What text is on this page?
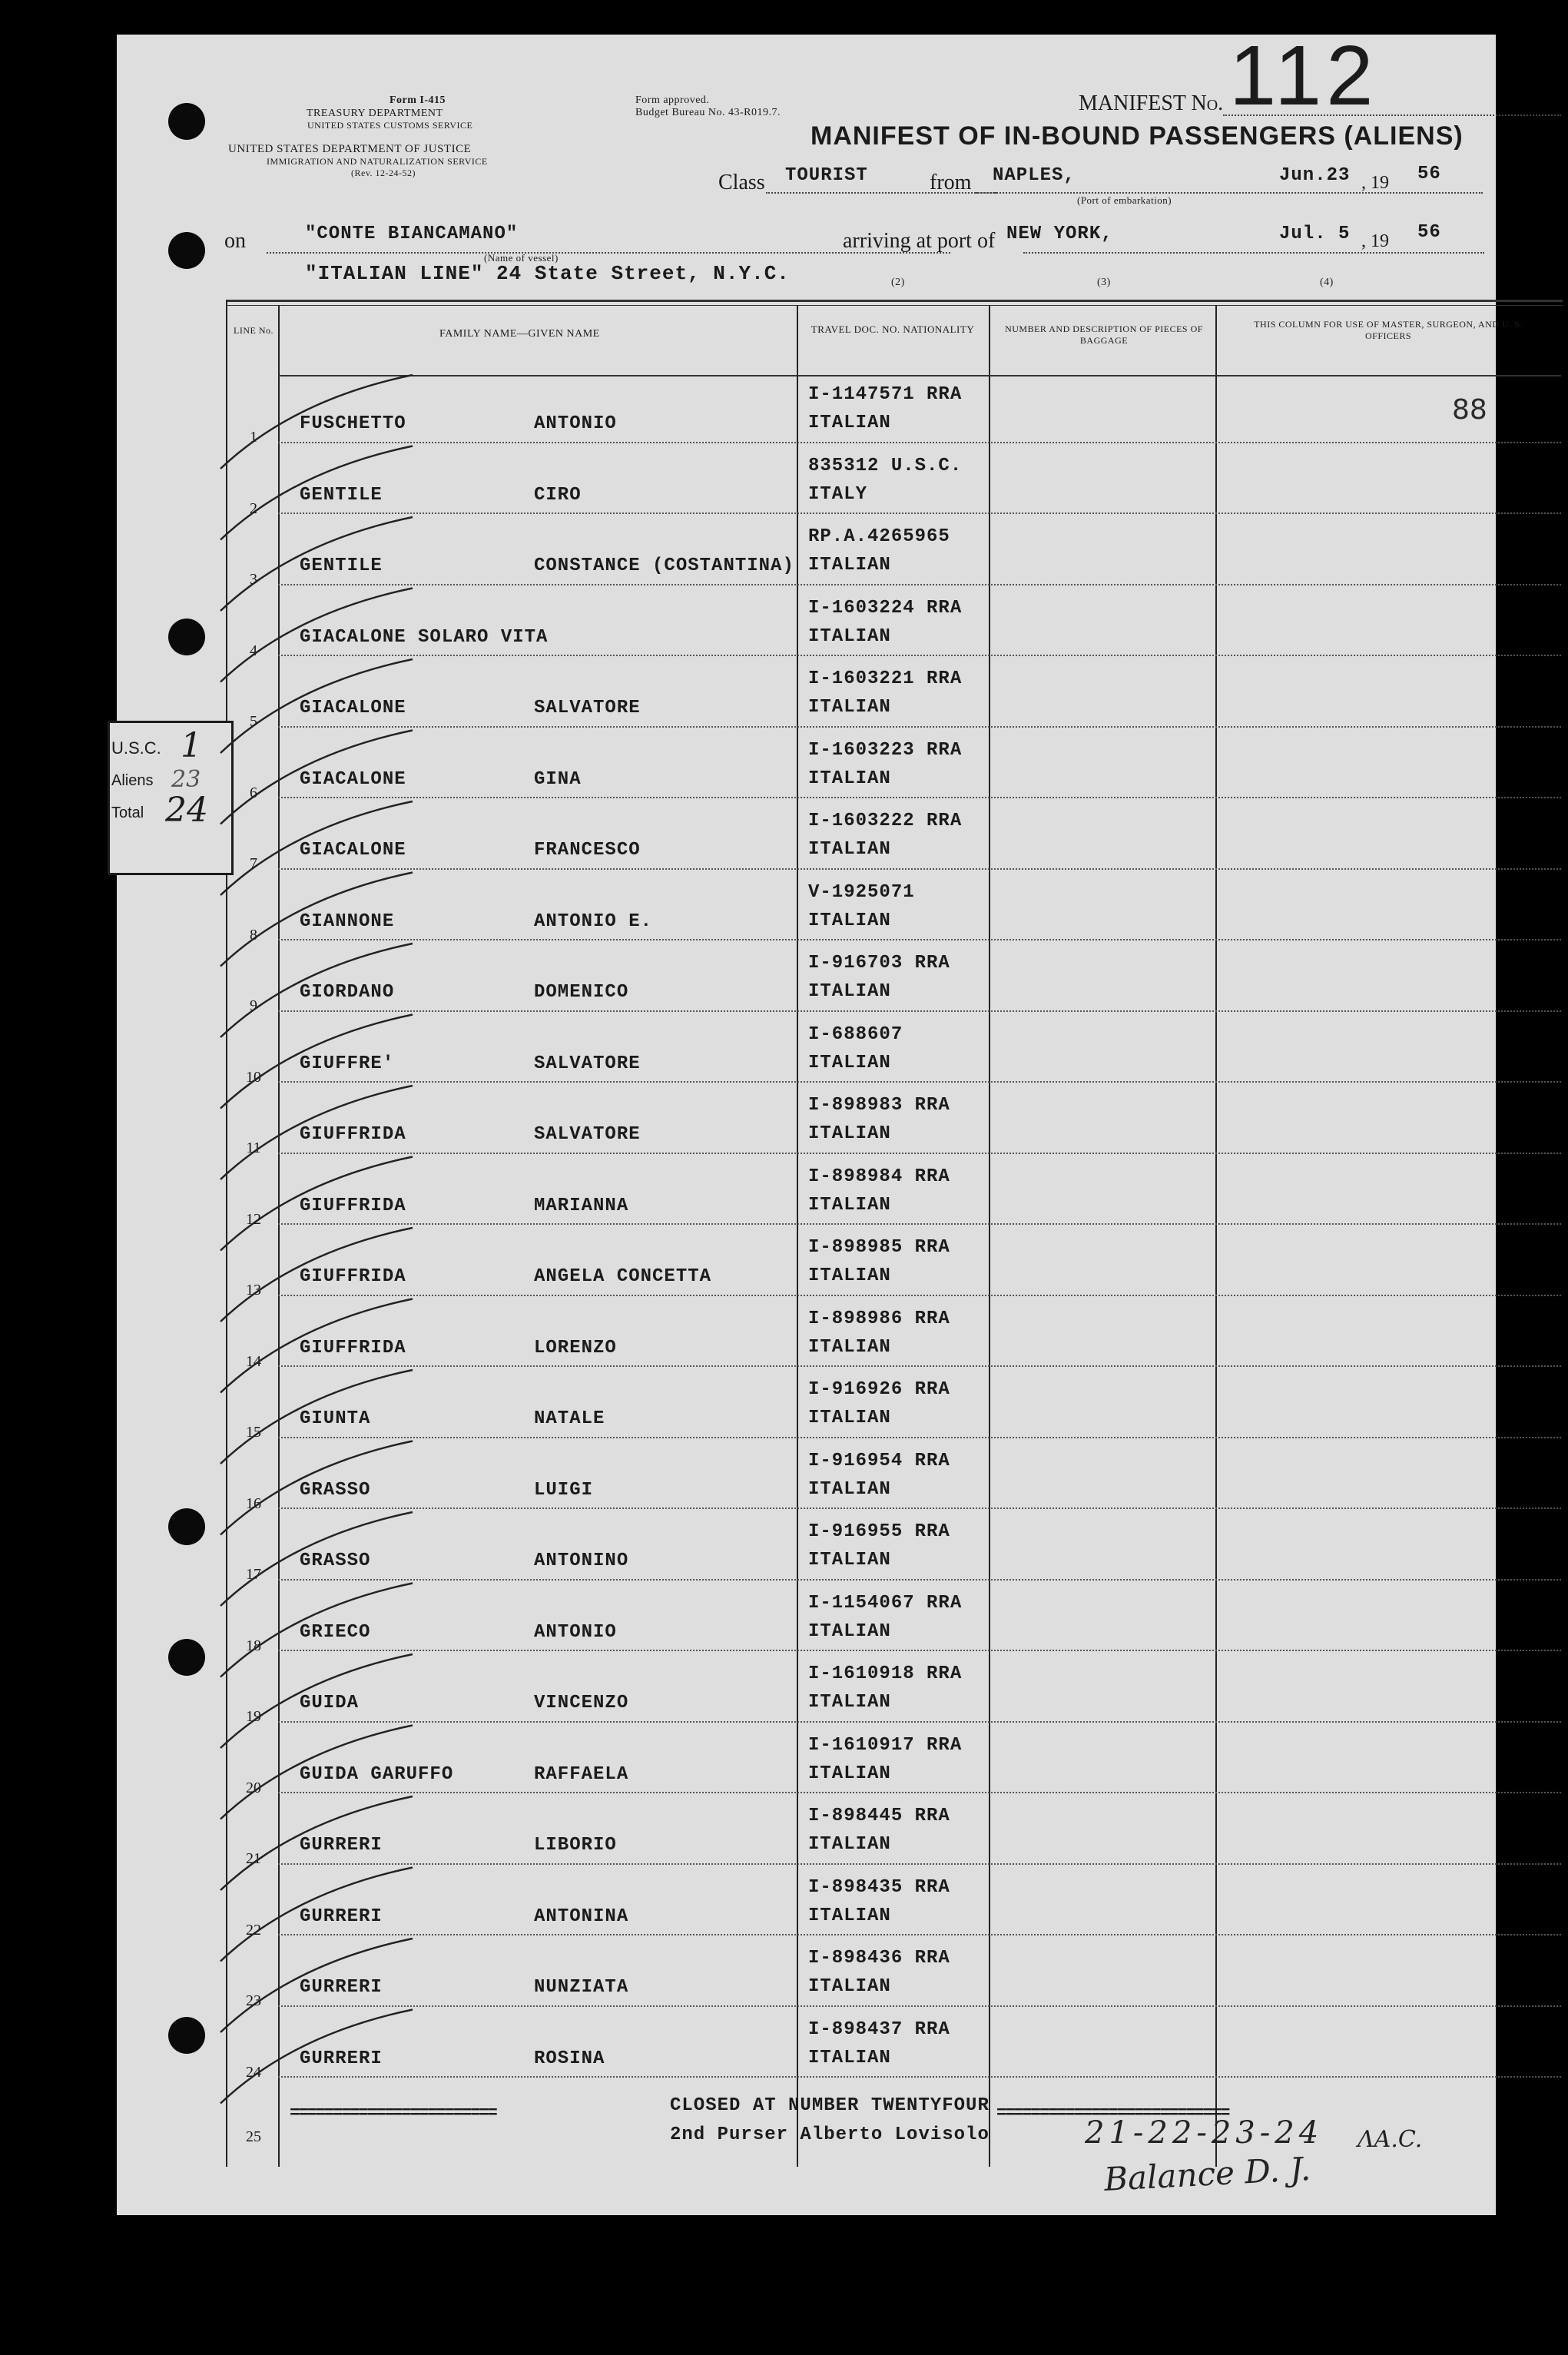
Form I-415
TREASURY DEPARTMENT
UNITED STATES CUSTOMS SERVICE
UNITED STATES DEPARTMENT OF JUSTICE
IMMIGRATION AND NATURALIZATION SERVICE
(Rev. 12-24-52)
Form approved.
Budget Bureau No. 43-R019.7.	MANIFEST No. 112
MANIFEST OF IN-BOUND PASSENGERS (ALIENS)
Class TOURIST	from NAPLES,	Jun.23 , 19 56
(Port of embarkation)
on	"CONTE BIANCAMANO"
(Name of vessel)
arriving at port of NEW YORK,	Jul. 5 , 19 56
"ITALIAN LINE" 24 State Street, N.Y.C.	(2)	(3)	(4)
LINE No.	FAMILY NAME—GIVEN NAME	TRAVEL DOC. NO. NATIONALITY	NUMBER AND DESCRIPTION OF PIECES OF BAGGAGE
THIS COLUMN FOR USE OF MASTER, SURGEON, AND U. S. OFFICERS
1
FUSCHETTO	ANTONIO
I-1147571 RRA
ITALIAN
2
GENTILE	CIRO
835312 U.S.C.
ITALY
3
GENTILE	CONSTANCE (COSTANTINA)
RP.A.4265965
ITALIAN
4
GIACALONE SOLARO VITA
I-1603224 RRA
ITALIAN
5
GIACALONE	SALVATORE
I-1603221 RRA
ITALIAN
6
GIACALONE	GINA
I-1603223 RRA
ITALIAN
7
GIACALONE	FRANCESCO
I-1603222 RRA
ITALIAN
8
GIANNONE	ANTONIO E.
V-1925071
ITALIAN
9
GIORDANO	DOMENICO
I-916703 RRA
ITALIAN
10
GIUFFRE'	SALVATORE
I-688607
ITALIAN
11
GIUFFRIDA	SALVATORE
I-898983 RRA
ITALIAN
12
GIUFFRIDA	MARIANNA
I-898984 RRA
ITALIAN
13
GIUFFRIDA	ANGELA CONCETTA
I-898985 RRA
ITALIAN
14
GIUFFRIDA	LORENZO
I-898986 RRA
ITALIAN
15
GIUNTA	NATALE
I-916926 RRA
ITALIAN
16
GRASSO	LUIGI
I-916954 RRA
ITALIAN
17
GRASSO	ANTONINO
I-916955 RRA
ITALIAN
18
GRIECO	ANTONIO
I-1154067 RRA
ITALIAN
19
GUIDA	VINCENZO
I-1610918 RRA
ITALIAN
20
GUIDA GARUFFO	RAFFAELA
I-1610917 RRA
ITALIAN
21
GURRERI	LIBORIO
I-898445 RRA
ITALIAN
22
GURRERI	ANTONINA
I-898435 RRA
ITALIAN
23
GURRERI	NUNZIATA
I-898436 RRA
ITALIAN
24
GURRERI	ROSINA
I-898437 RRA
ITALIAN
25
U.S.C. 1
Aliens 23
Total 24
88
========================	CLOSED AT NUMBER TWENTYFOUR ===========================
2nd Purser Alberto Lovisolo	21-22-23-24
Balance D. J.
ΛA.C.
